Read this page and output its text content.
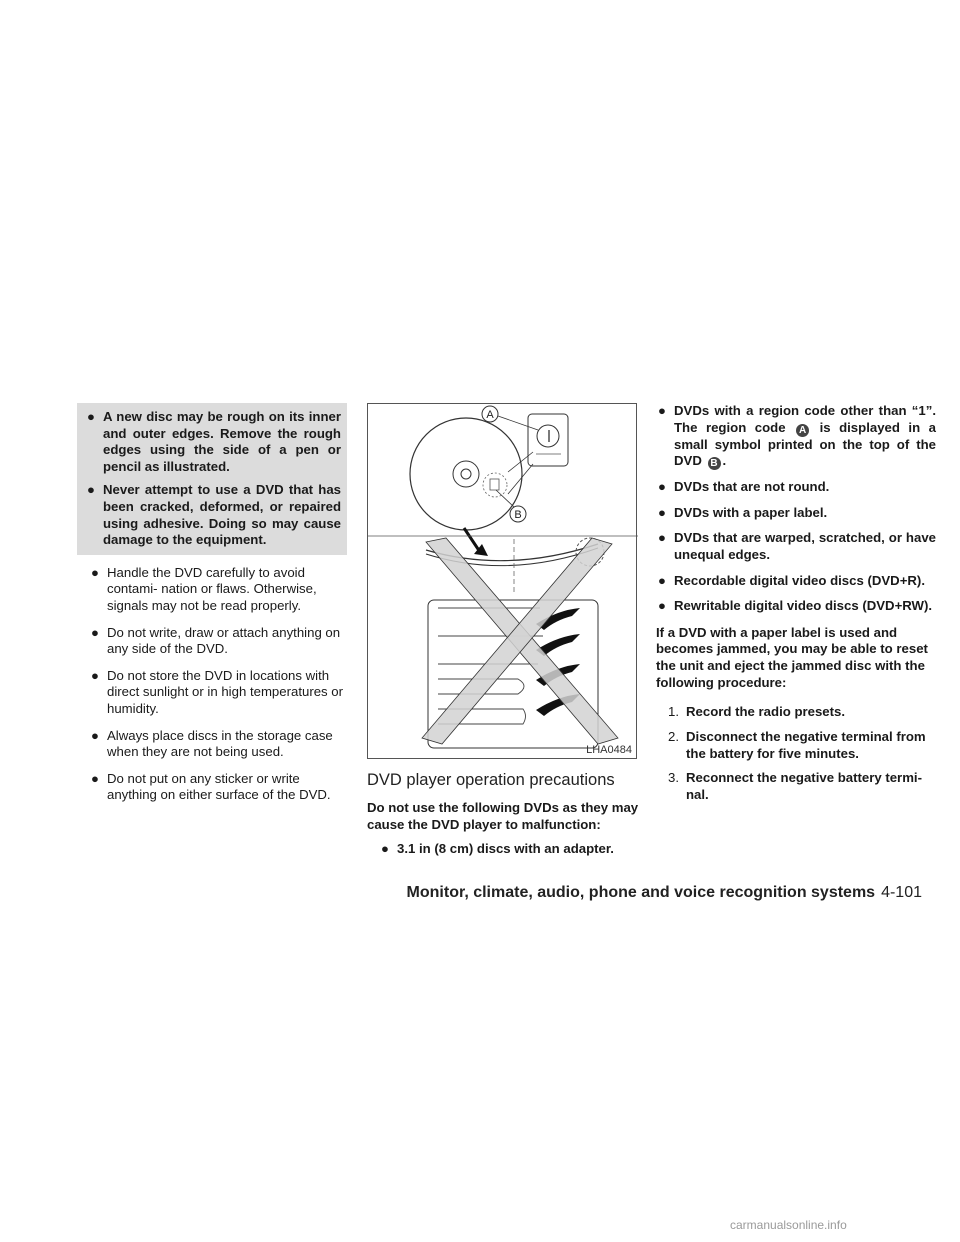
● A new disc may be rough on its inner and outer edges. Remove the rough edges using the side of a pen or pencil as illustrated.
● Never attempt to use a DVD that has been cracked, deformed, or repaired using adhesive. Doing so may cause damage to the equipment.
● Handle the DVD carefully to avoid contami- nation or flaws. Otherwise, signals may not be read properly.
● Do not write, draw or attach anything on any side of the DVD.
● Do not store the DVD in locations with direct sunlight or in high temperatures or humidity.
● Always place discs in the storage case when they are not being used.
● Do not put on any sticker or write anything on either surface of the DVD.
A
B
LHA0484
DVD player operation precautions

Do not use the following DVDs as they may cause the DVD player to malfunction:

● 3.1 in (8 cm) discs with an adapter.
● DVDs with a region code other than “1”. The region code A is displayed in a small symbol printed on the top of the DVD B .
● DVDs that are not round.
● DVDs with a paper label.
● DVDs that are warped, scratched, or have unequal edges.
● Recordable digital video discs (DVD+R).
● Rewritable digital video discs (DVD+RW).

If a DVD with a paper label is used and becomes jammed, you may be able to reset the unit and eject the jammed disc with the following procedure:

1. Record the radio presets.
2. Disconnect the negative terminal from the battery for five minutes.
3. Reconnect the negative battery termi- nal.
Monitor, climate, audio, phone and voice recognition systems 4-101
carmanualsonline.info
